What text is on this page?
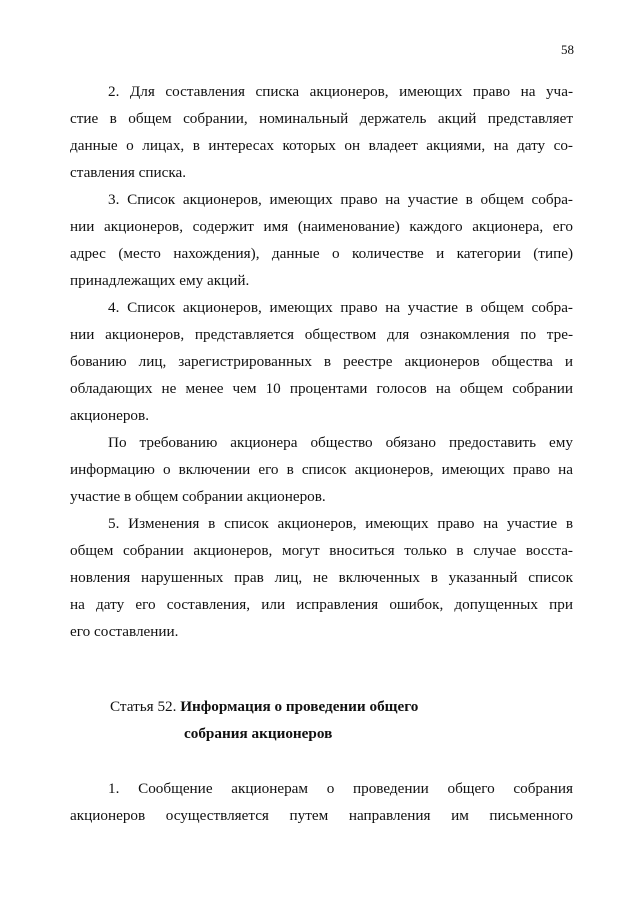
58
2. Для составления списка акционеров, имеющих право на уча-
стие в общем собрании, номинальный держатель акций представляет
данные о лицах, в интересах которых он владеет акциями, на дату со-
ставления списка.
3. Список акционеров, имеющих право на участие в общем собра-
нии акционеров, содержит имя (наименование) каждого акционера, его
адрес (место нахождения), данные о количестве и категории (типе)
принадлежащих ему акций.
4. Список акционеров, имеющих право на участие в общем собра-
нии акционеров, представляется обществом для ознакомления по тре-
бованию лиц, зарегистрированных в реестре акционеров общества и
обладающих не менее чем 10 процентами голосов на общем собрании
акционеров.
По требованию акционера общество обязано предоставить ему
информацию о включении его в список акционеров, имеющих право на
участие в общем собрании акционеров.
5. Изменения в список акционеров, имеющих право на участие в
общем собрании акционеров, могут вноситься только в случае восста-
новления нарушенных прав лиц, не включенных в указанный список
на дату его составления, или исправления ошибок, допущенных при
его составлении.
Статья 52. Информация о проведении общего
собрания акционеров
1. Сообщение акционерам о проведении общего собрания
акционеров осуществляется путем направления им письменного
